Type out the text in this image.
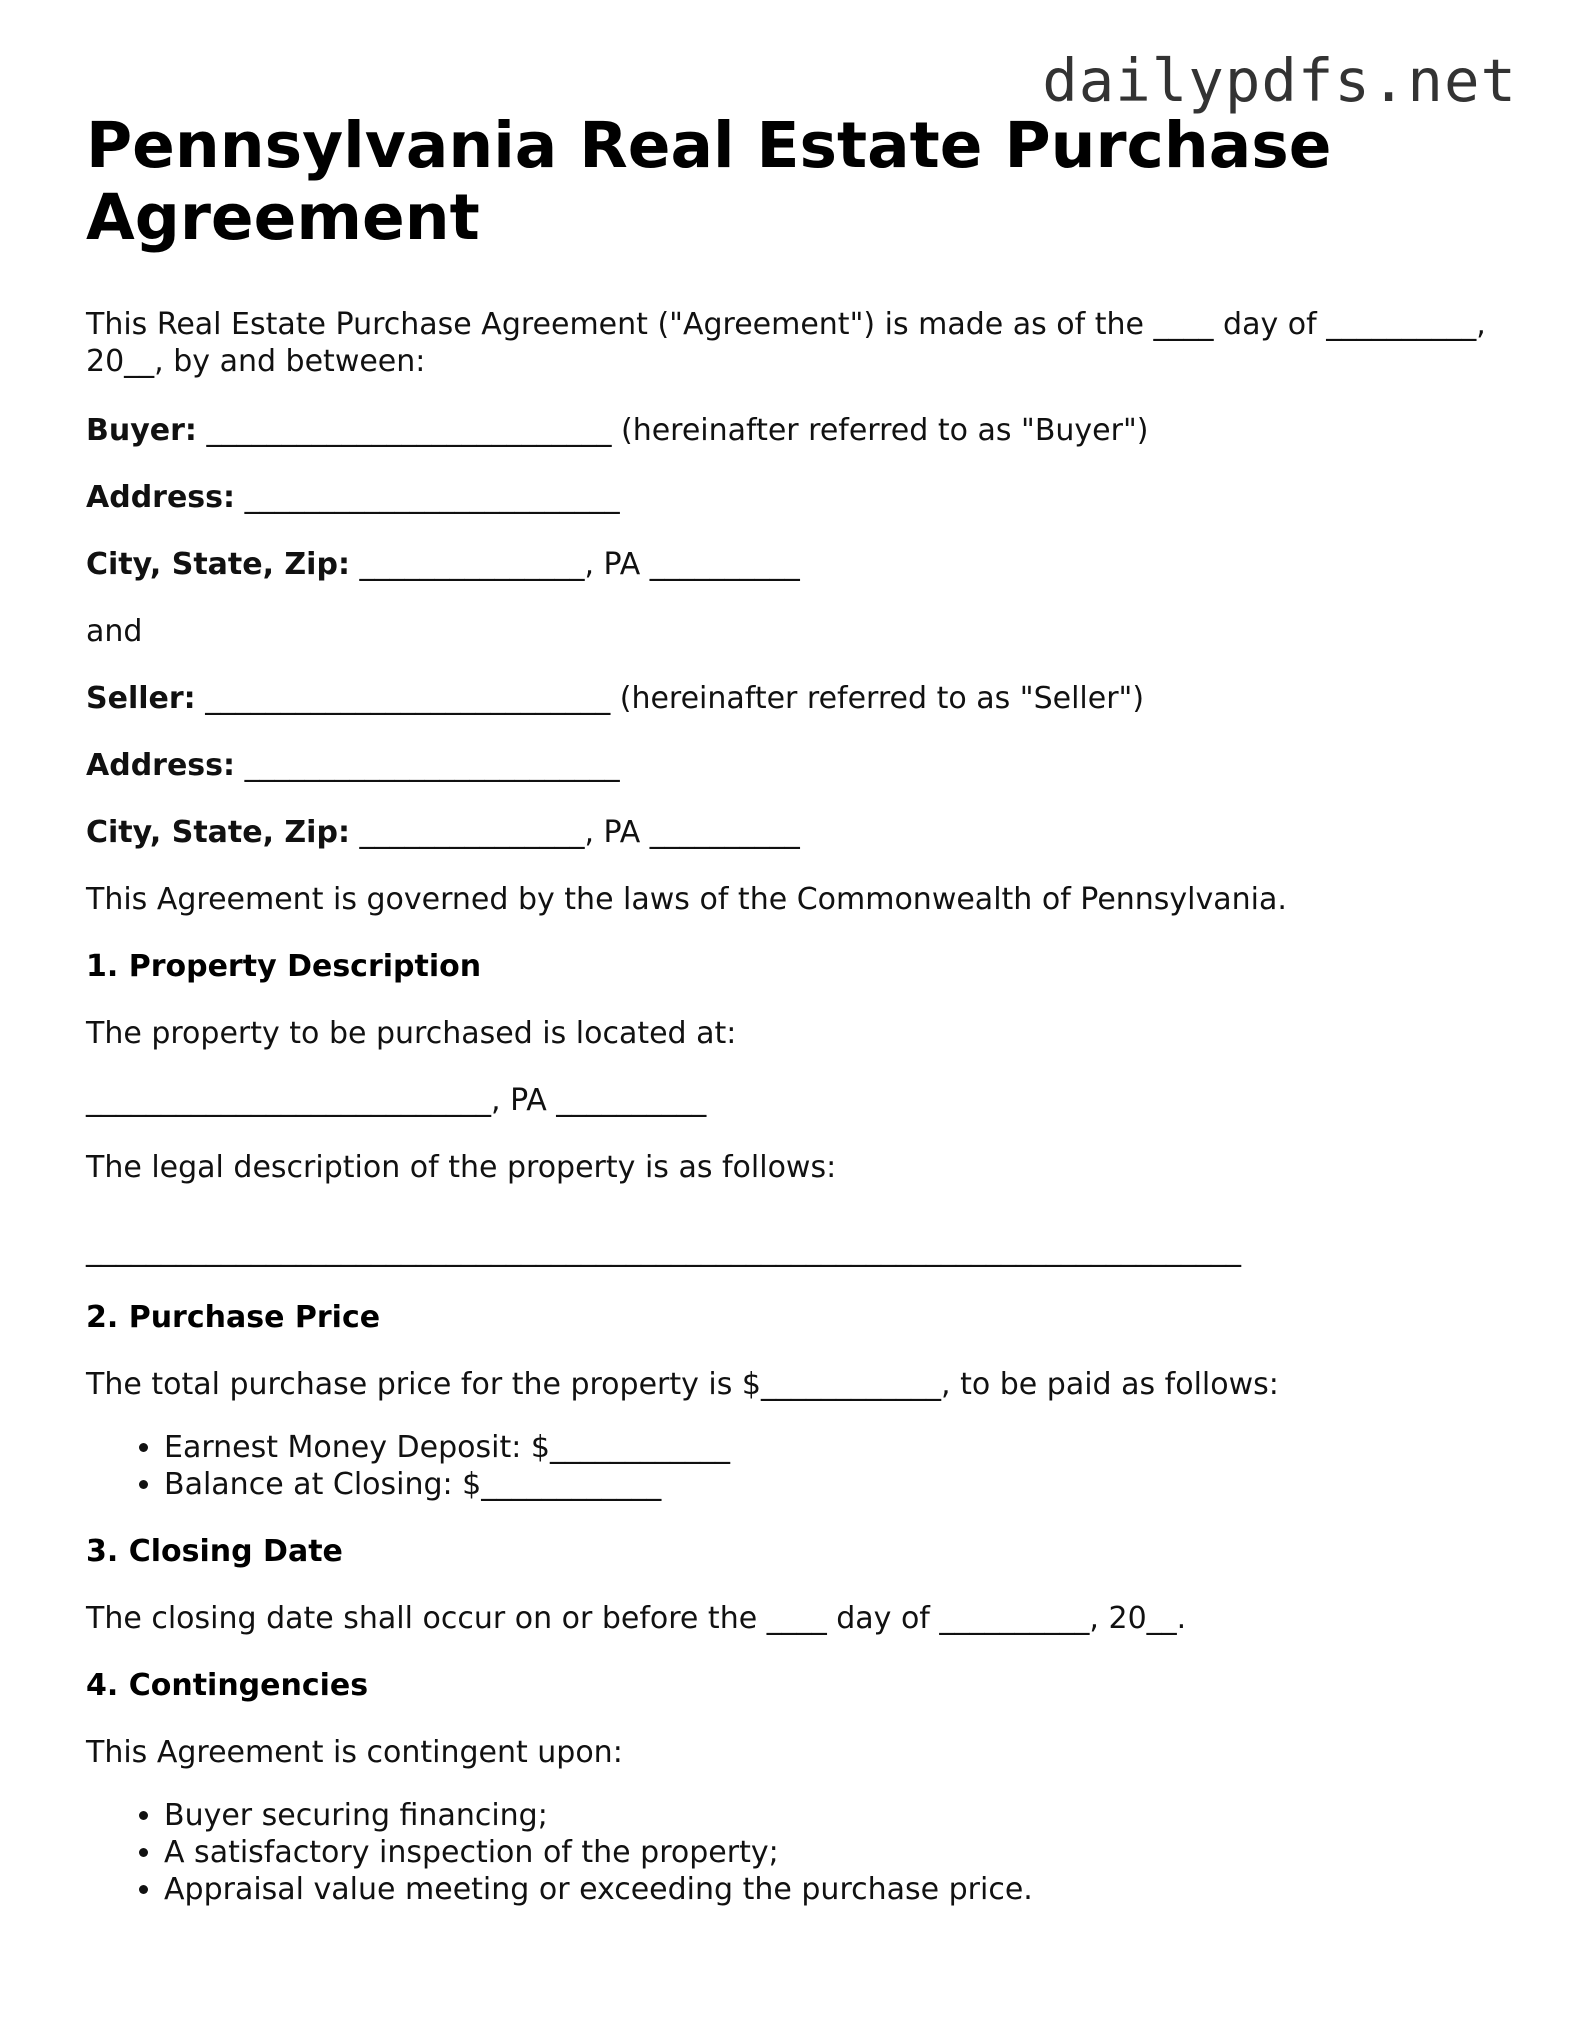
dailypdfs.net
Pennsylvania Real Estate Purchase Agreement

This Real Estate Purchase Agreement ("Agreement") is made as of the ____ day of __________, 20__, by and between:

Buyer: ___________________________ (hereinafter referred to as "Buyer")

Address: _________________________

City, State, Zip: _______________, PA __________

and

Seller: ___________________________ (hereinafter referred to as "Seller")

Address: _________________________

City, State, Zip: _______________, PA __________

This Agreement is governed by the laws of the Commonwealth of Pennsylvania.

1. Property Description

The property to be purchased is located at:

___________________________, PA __________

The legal description of the property is as follows:

_____________________________________________________________________________

2. Purchase Price

The total purchase price for the property is $____________, to be paid as follows:

• Earnest Money Deposit: $____________
• Balance at Closing: $____________
3. Closing Date

The closing date shall occur on or before the ____ day of __________, 20__.

4. Contingencies

This Agreement is contingent upon:

• Buyer securing financing;
• A satisfactory inspection of the property;
• Appraisal value meeting or exceeding the purchase price.
